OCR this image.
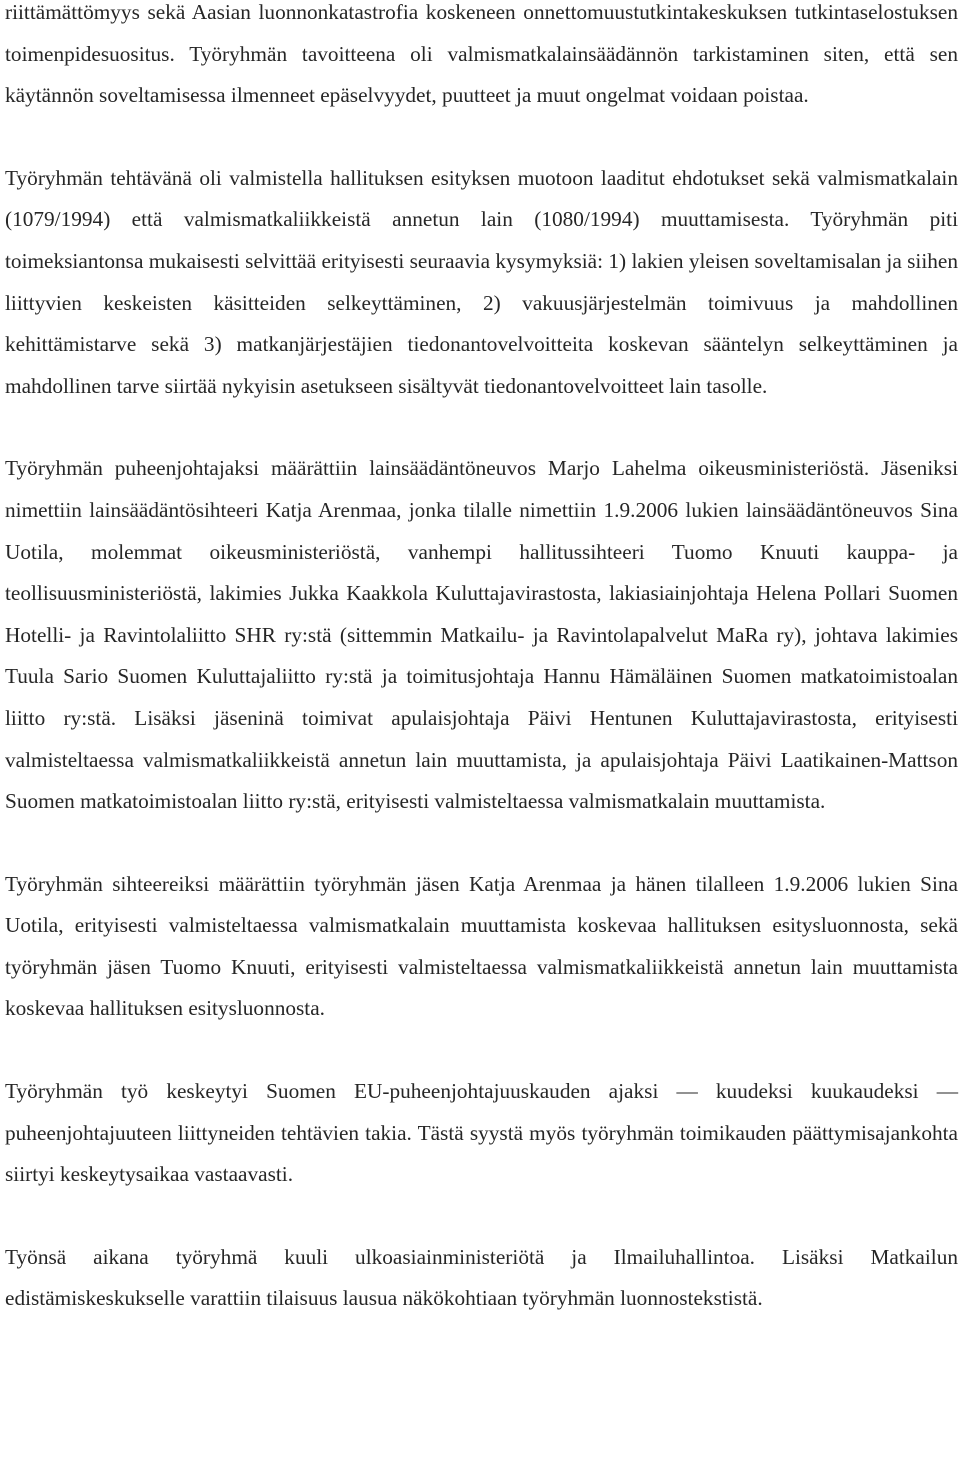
riittämättömyys sekä Aasian luonnonkatastrofia koskeneen onnettomuustutkintakeskuksen tutkintaselostuksen toimenpidesuositus. Työryhmän tavoitteena oli valmismatkalainsäädännön tarkistaminen siten, että sen käytännön soveltamisessa ilmenneet epäselvyydet, puutteet ja muut ongelmat voidaan poistaa.

Työryhmän tehtävänä oli valmistella hallituksen esityksen muotoon laaditut ehdotukset sekä valmismatkalain (1079/1994) että valmismatkaliikkeistä annetun lain (1080/1994) muuttamisesta. Työryhmän piti toimeksiantonsa mukaisesti selvittää erityisesti seuraavia kysymyksiä: 1) lakien yleisen soveltamisalan ja siihen liittyvien keskeisten käsitteiden selkeyttäminen, 2) vakuusjärjestelmän toimivuus ja mahdollinen kehittämistarve sekä 3) matkanjärjestäjien tiedonantovelvoitteita koskevan sääntelyn selkeyttäminen ja mahdollinen tarve siirtää nykyisin asetukseen sisältyvät tiedonantovelvoitteet lain tasolle.

Työryhmän puheenjohtajaksi määrättiin lainsäädäntöneuvos Marjo Lahelma oikeusministeriöstä. Jäseniksi nimettiin lainsäädäntösihteeri Katja Arenmaa, jonka tilalle nimettiin 1.9.2006 lukien lainsäädäntöneuvos Sina Uotila, molemmat oikeusministeriöstä, vanhempi hallitussihteeri Tuomo Knuuti kauppa- ja teollisuusministeriöstä, lakimies Jukka Kaakkola Kuluttajavirastosta, lakiasiainjohtaja Helena Pollari Suomen Hotelli- ja Ravintolaliitto SHR ry:stä (sittemmin Matkailu- ja Ravintolapalvelut MaRa ry), johtava lakimies Tuula Sario Suomen Kuluttajaliitto ry:stä ja toimitusjohtaja Hannu Hämäläinen Suomen matkatoimistoalan liitto ry:stä. Lisäksi jäseninä toimivat apulaisjohtaja Päivi Hentunen Kuluttajavirastosta, erityisesti valmisteltaessa valmismatkaliikkeistä annetun lain muuttamista, ja apulaisjohtaja Päivi Laatikainen-Mattson Suomen matkatoimistoalan liitto ry:stä, erityisesti valmisteltaessa valmismatkalain muuttamista.

Työryhmän sihteereiksi määrättiin työryhmän jäsen Katja Arenmaa ja hänen tilalleen 1.9.2006 lukien Sina Uotila, erityisesti valmisteltaessa valmismatkalain muuttamista koskevaa hallituksen esitysluonnosta, sekä työryhmän jäsen Tuomo Knuuti, erityisesti valmisteltaessa valmismatkaliikkeistä annetun lain muuttamista koskevaa hallituksen esitysluonnosta.

Työryhmän työ keskeytyi Suomen EU-puheenjohtajuuskauden ajaksi — kuudeksi kuukaudeksi — puheenjohtajuuteen liittyneiden tehtävien takia. Tästä syystä myös työryhmän toimikauden päättymisajankohta siirtyi keskeytysaikaa vastaavasti.

Työnsä aikana työryhmä kuuli ulkoasiainministeriötä ja Ilmailuhallintoa. Lisäksi Matkailun edistämiskeskukselle varattiin tilaisuus lausua näkökohtiaan työryhmän luonnostekstistä.
